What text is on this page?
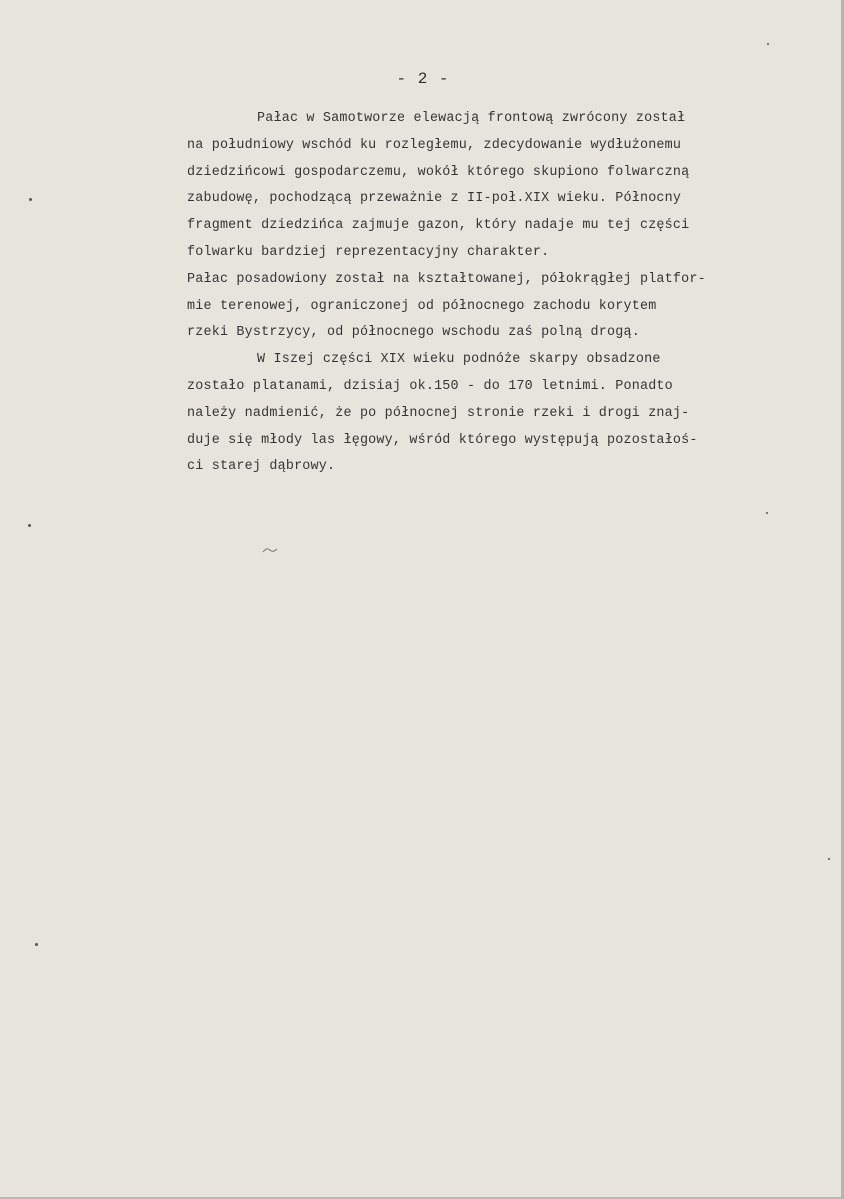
- 2 -
Pałac w Samotworze elewacją frontową zwrócony został
na południowy wschód ku rozległemu, zdecydowanie wydłużonemu
dziedzińcowi gospodarczemu, wokół którego skupiono folwarczną
zabudowę, pochodzącą przeważnie z II-poł.XIX wieku. Północny
fragment dziedzińca zajmuje gazon, który nadaje mu tej części
folwarku bardziej reprezentacyjny charakter.
Pałac posadowiony został na kształtowanej, półokrągłej platfor-
mie terenowej, ograniczonej od północnego zachodu korytem
rzeki Bystrzycy, od północnego wschodu zaś polną drogą.
W Iszej części XIX wieku podnóże skarpy obsadzone
zostało platanami, dzisiaj ok.150 - do 170 letnimi. Ponadto
należy nadmienić, że po północnej stronie rzeki i drogi znaj-
duje się młody las łęgowy, wśród którego występują pozostałoś-
ci starej dąbrowy.
